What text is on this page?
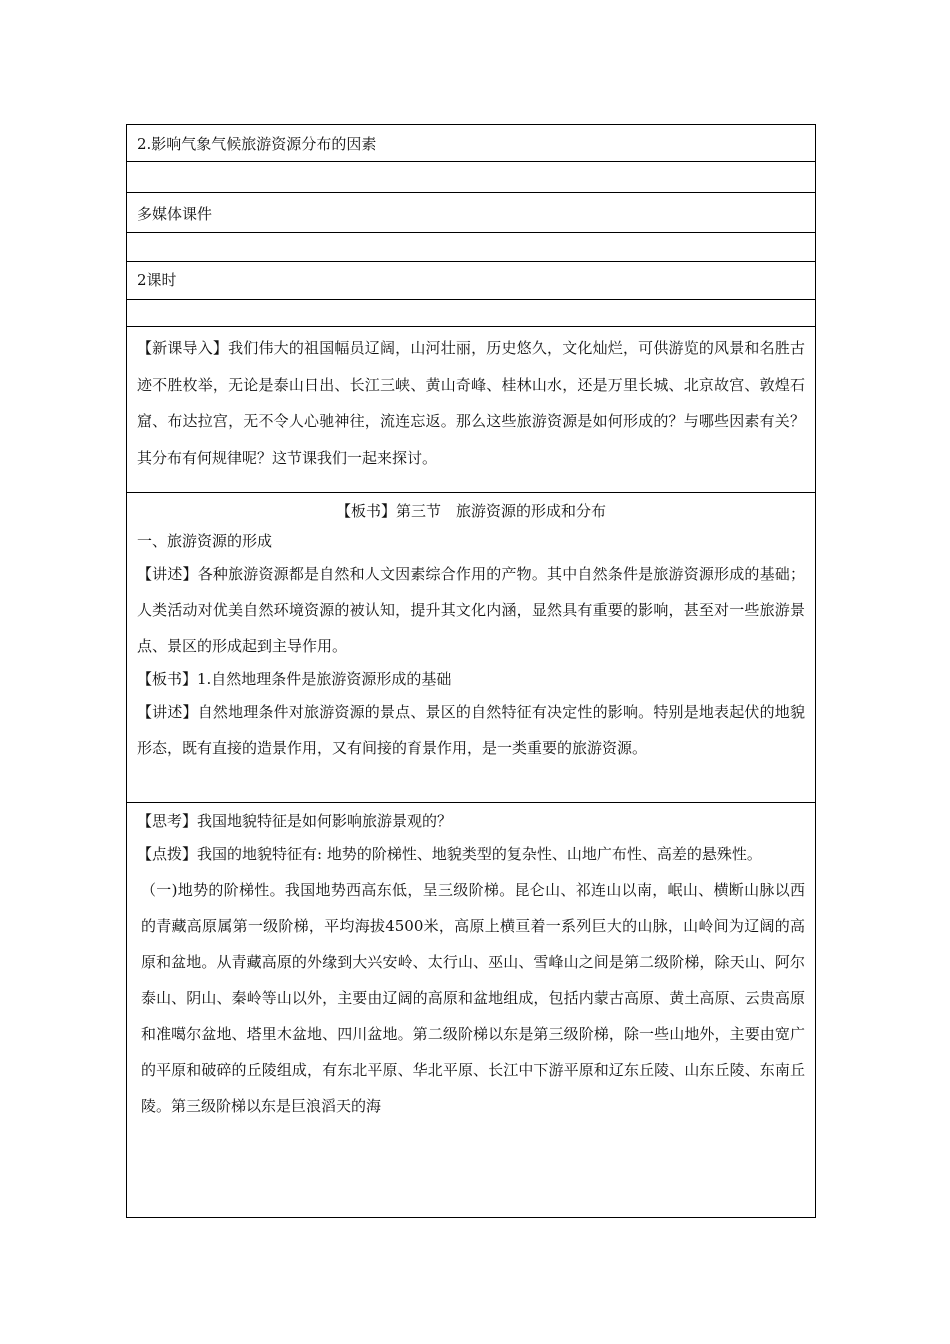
2.影响气象气候旅游资源分布的因素

多媒体课件

2课时

【新课导入】我们伟大的祖国幅员辽阔，山河壮丽，历史悠久，文化灿烂，可供游览的风景和名胜古迹不胜枚举，无论是泰山日出、长江三峡、黄山奇峰、桂林山水，还是万里长城、北京故宫、敦煌石窟、布达拉宫，无不令人心驰神往，流连忘返。那么这些旅游资源是如何形成的？与哪些因素有关？其分布有何规律呢？这节课我们一起来探讨。

【板书】第三节　旅游资源的形成和分布

一、旅游资源的形成

【讲述】各种旅游资源都是自然和人文因素综合作用的产物。其中自然条件是旅游资源形成的基础；人类活动对优美自然环境资源的被认知，提升其文化内涵，显然具有重要的影响，甚至对一些旅游景点、景区的形成起到主导作用。

【板书】1.自然地理条件是旅游资源形成的基础

【讲述】自然地理条件对旅游资源的景点、景区的自然特征有决定性的影响。特别是地表起伏的地貌形态，既有直接的造景作用，又有间接的育景作用，是一类重要的旅游资源。

【思考】我国地貌特征是如何影响旅游景观的？

【点拨】我国的地貌特征有: 地势的阶梯性、地貌类型的复杂性、山地广布性、高差的悬殊性。

（一)地势的阶梯性。我国地势西高东低，呈三级阶梯。昆仑山、祁连山以南，岷山、横断山脉以西的青藏高原属第一级阶梯，平均海拔4500米，高原上横亘着一系列巨大的山脉，山岭间为辽阔的高原和盆地。从青藏高原的外缘到大兴安岭、太行山、巫山、雪峰山之间是第二级阶梯，除天山、阿尔泰山、阴山、秦岭等山以外，主要由辽阔的高原和盆地组成，包括内蒙古高原、黄土高原、云贵高原和准噶尔盆地、塔里木盆地、四川盆地。第二级阶梯以东是第三级阶梯，除一些山地外，主要由宽广的平原和破碎的丘陵组成，有东北平原、华北平原、长江中下游平原和辽东丘陵、山东丘陵、东南丘陵。第三级阶梯以东是巨浪滔天的海
